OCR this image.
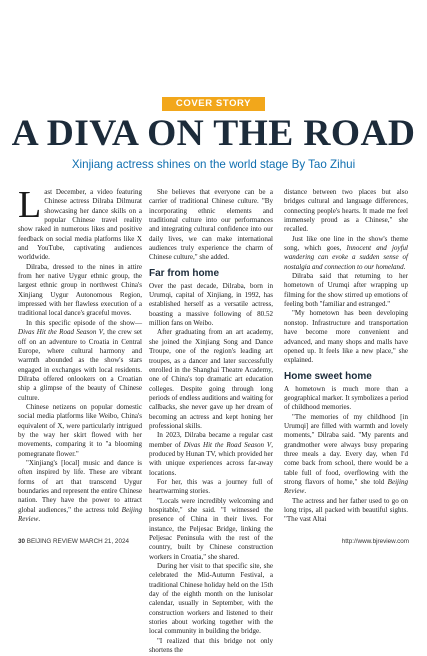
COVER STORY
A DIVA ON THE ROAD
Xinjiang actress shines on the world stage By Tao Zihui

Last December, a video featuring Chinese actress Dilraba Dilmurat showcasing her dance skills on a popular Chinese travel reality show raked in numerous likes and positive feedback on social media platforms like X and YouTube, captivating audiences worldwide.

Dilraba, dressed to the nines in attire from her native Uygur ethnic group, the largest ethnic group in northwest China's Xinjiang Uygur Autonomous Region, impressed with her flawless execution of a traditional local dance's graceful moves.

In this specific episode of the show—Divas Hit the Road Season V, the crew set off on an adventure to Croatia in Central Europe, where cultural harmony and warmth abounded as the show's stars engaged in exchanges with local residents. Dilraba offered onlookers on a Croatian ship a glimpse of the beauty of Chinese culture.

Chinese netizens on popular domestic social media platforms like Weibo, China's equivalent of X, were particularly intrigued by the way her skirt flowed with her movements, comparing it to "a blooming pomegranate flower."

"Xinjiang's [local] music and dance is often inspired by life. These are vibrant forms of art that transcend Uygur boundaries and represent the entire Chinese nation. They have the power to attract global audiences," the actress told Beijing Review.

She believes that everyone can be a carrier of traditional Chinese culture. "By incorporating ethnic elements and traditional culture into our performances and integrating cultural confidence into our daily lives, we can make international audiences truly experience the charm of Chinese culture," she added.

Far from home

Over the past decade, Dilraba, born in Urumqi, capital of Xinjiang, in 1992, has established herself as a versatile actress, boasting a massive following of 80.52 million fans on Weibo.

After graduating from an art academy, she joined the Xinjiang Song and Dance Troupe, one of the region's leading art troupes, as a dancer and later successfully enrolled in the Shanghai Theatre Academy, one of China's top dramatic art education colleges. Despite going through long periods of endless auditions and waiting for callbacks, she never gave up her dream of becoming an actress and kept honing her professional skills.

In 2023, Dilraba became a regular cast member of Divas Hit the Road Season V, produced by Hunan TV, which provided her with unique experiences across far-away locations.

For her, this was a journey full of heartwarming stories.

"Locals were incredibly welcoming and hospitable," she said. "I witnessed the presence of China in their lives. For instance, the Peljesac Bridge, linking the Peljesac Peninsula with the rest of the country, built by Chinese construction workers in Croatia," she shared.

During her visit to that specific site, she celebrated the Mid-Autumn Festival, a traditional Chinese holiday held on the 15th day of the eighth month on the lunisolar calendar, usually in September, with the construction workers and listened to their stories about working together with the local community in building the bridge.

"I realized that this bridge not only shortens the

distance between two places but also bridges cultural and language differences, connecting people's hearts. It made me feel immensely proud as a Chinese," she recalled.

Just like one line in the show's theme song, which goes, Innocent and joyful wandering can evoke a sudden sense of nostalgia and connection to our homeland.

Dilraba said that returning to her hometown of Urumqi after wrapping up filming for the show stirred up emotions of feeling both "familiar and estranged."

"My hometown has been developing nonstop. Infrastructure and transportation have become more convenient and advanced, and many shops and malls have opened up. It feels like a new place," she explained.

Home sweet home

A hometown is much more than a geographical marker. It symbolizes a period of childhood memories.

"The memories of my childhood [in Urumqi] are filled with warmth and lovely moments," Dilraba said. "My parents and grandmother were always busy preparing three meals a day. Every day, when I'd come back from school, there would be a table full of food, overflowing with the strong flavors of home," she told Beijing Review.

The actress and her father used to go on long trips, all packed with beautiful sights. "The vast Altai

30 BEIJING REVIEW MARCH 21, 2024	http://www.bjreview.com
